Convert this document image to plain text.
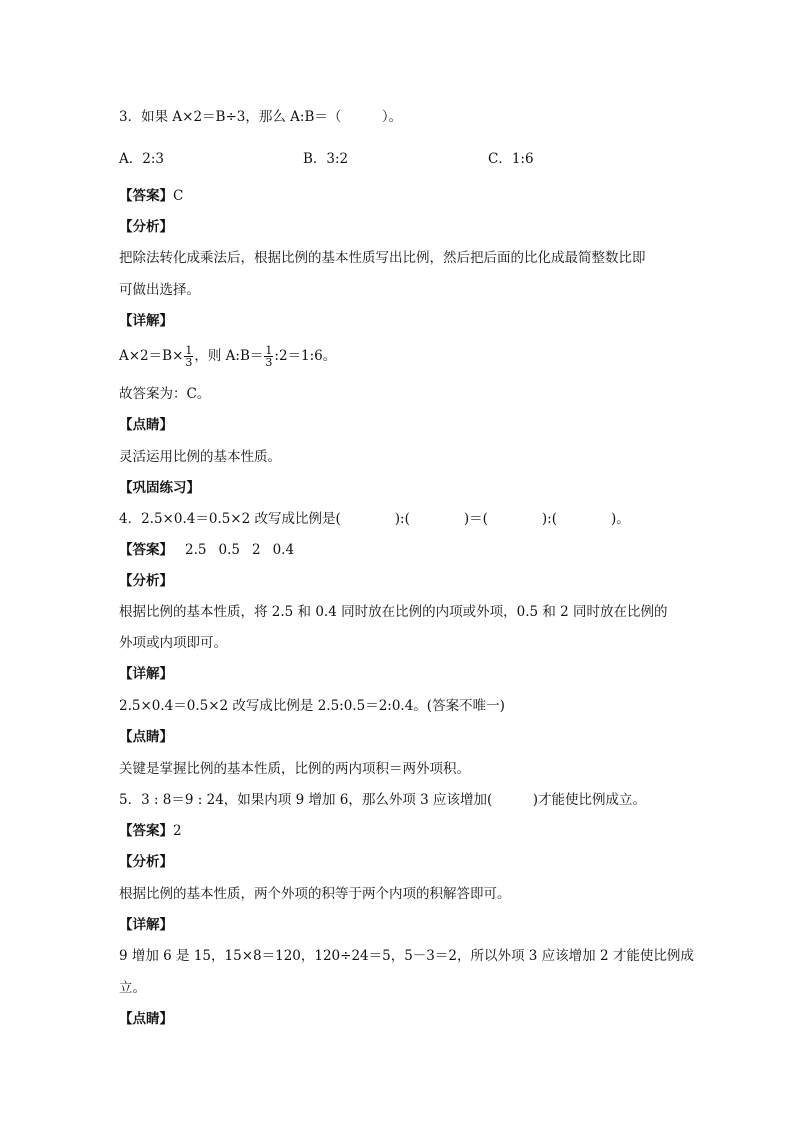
3．如果 A×2＝B÷3，那么 A:B＝（　　　）。
A．2:3	B．3:2	C．1:6
【答案】C
【分析】
把除法转化成乘法后，根据比例的基本性质写出比例，然后把后面的比化成最简整数比即
可做出选择。
【详解】
$A\times 2=B\times \frac{1}{3}$ ，则 A:B＝ $\frac{1}{3}$ :2＝1:6。
故答案为：C。
【点睛】
灵活运用比例的基本性质。
【巩固练习】
4．2.5×0.4＝0.5×2 改写成比例是(　　　　):(　　　　)＝(　　　　):(　　　　)。
【答案】 2.5 0.5 2 0.4
【分析】
根据比例的基本性质，将 2.5 和 0.4 同时放在比例的内项或外项，0.5 和 2 同时放在比例的
外项或内项即可。
【详解】
2.5×0.4＝0.5×2 改写成比例是 2.5:0.5＝2:0.4。(答案不唯一)
【点睛】
关键是掌握比例的基本性质，比例的两内项积＝两外项积。
5．3 : 8＝9 : 24，如果内项 9 增加 6，那么外项 3 应该增加(　　　)才能使比例成立。
【答案】2
【分析】
根据比例的基本性质，两个外项的积等于两个内项的积解答即可。
【详解】
9 增加 6 是 15，15×8＝120，120÷24＝5，5－3＝2，所以外项 3 应该增加 2 才能使比例成
立。
【点睛】
